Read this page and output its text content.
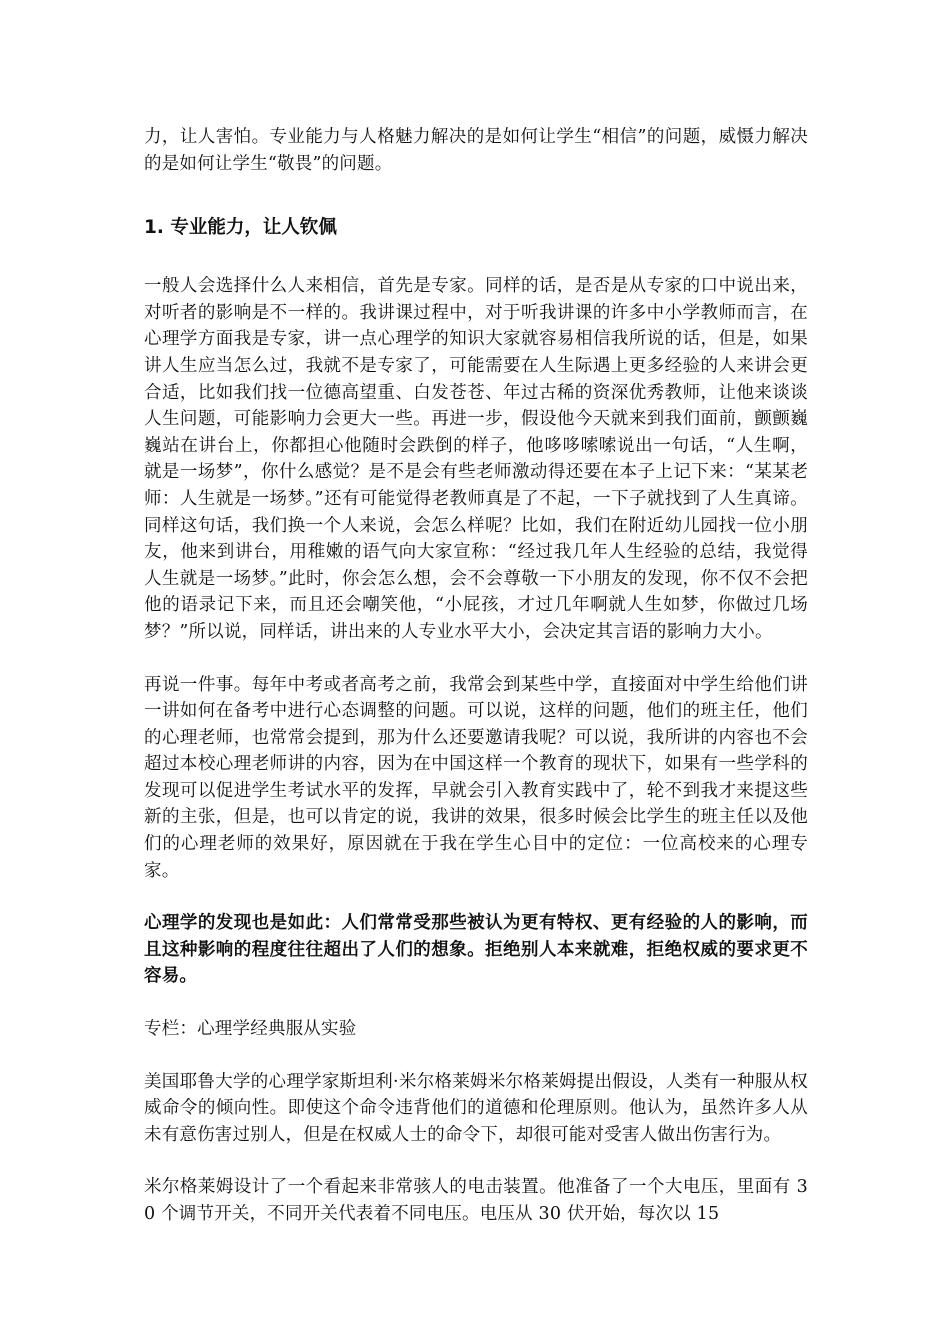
力，让人害怕。专业能力与人格魅力解决的是如何让学生“相信”的问题，威慑力解决的是如何让学生“敬畏”的问题。

1. 专业能力，让人钦佩

一般人会选择什么人来相信，首先是专家。同样的话，是否是从专家的口中说出来，对听者的影响是不一样的。我讲课过程中，对于听我讲课的许多中小学教师而言，在心理学方面我是专家，讲一点心理学的知识大家就容易相信我所说的话，但是，如果讲人生应当怎么过，我就不是专家了，可能需要在人生际遇上更多经验的人来讲会更合适，比如我们找一位德高望重、白发苍苍、年过古稀的资深优秀教师，让他来谈谈人生问题，可能影响力会更大一些。再进一步，假设他今天就来到我们面前，颤颤巍巍站在讲台上，你都担心他随时会跌倒的样子，他哆哆嗦嗦说出一句话，“人生啊，就是一场梦”，你什么感觉？是不是会有些老师激动得还要在本子上记下来：“某某老师：人生就是一场梦。”还有可能觉得老教师真是了不起，一下子就找到了人生真谛。同样这句话，我们换一个人来说，会怎么样呢？比如，我们在附近幼儿园找一位小朋友，他来到讲台，用稚嫩的语气向大家宣称：“经过我几年人生经验的总结，我觉得人生就是一场梦。”此时，你会怎么想，会不会尊敬一下小朋友的发现，你不仅不会把他的语录记下来，而且还会嘲笑他，“小屁孩，才过几年啊就人生如梦，你做过几场梦？”所以说，同样话，讲出来的人专业水平大小，会决定其言语的影响力大小。

再说一件事。每年中考或者高考之前，我常会到某些中学，直接面对中学生给他们讲一讲如何在备考中进行心态调整的问题。可以说，这样的问题，他们的班主任，他们的心理老师，也常常会提到，那为什么还要邀请我呢？可以说，我所讲的内容也不会超过本校心理老师讲的内容，因为在中国这样一个教育的现状下，如果有一些学科的发现可以促进学生考试水平的发挥，早就会引入教育实践中了，轮不到我才来提这些新的主张，但是，也可以肯定的说，我讲的效果，很多时候会比学生的班主任以及他们的心理老师的效果好，原因就在于我在学生心目中的定位：一位高校来的心理专家。

心理学的发现也是如此：人们常常受那些被认为更有特权、更有经验的人的影响，而且这种影响的程度往往超出了人们的想象。拒绝别人本来就难，拒绝权威的要求更不容易。

专栏：心理学经典服从实验

美国耶鲁大学的心理学家斯坦利·米尔格莱姆米尔格莱姆提出假设，人类有一种服从权威命令的倾向性。即使这个命令违背他们的道德和伦理原则。他认为，虽然许多人从未有意伤害过别人，但是在权威人士的命令下，却很可能对受害人做出伤害行为。

米尔格莱姆设计了一个看起来非常骇人的电击装置。他准备了一个大电压，里面有 30 个调节开关，不同开关代表着不同电压。电压从 30 伏开始，每次以 15
